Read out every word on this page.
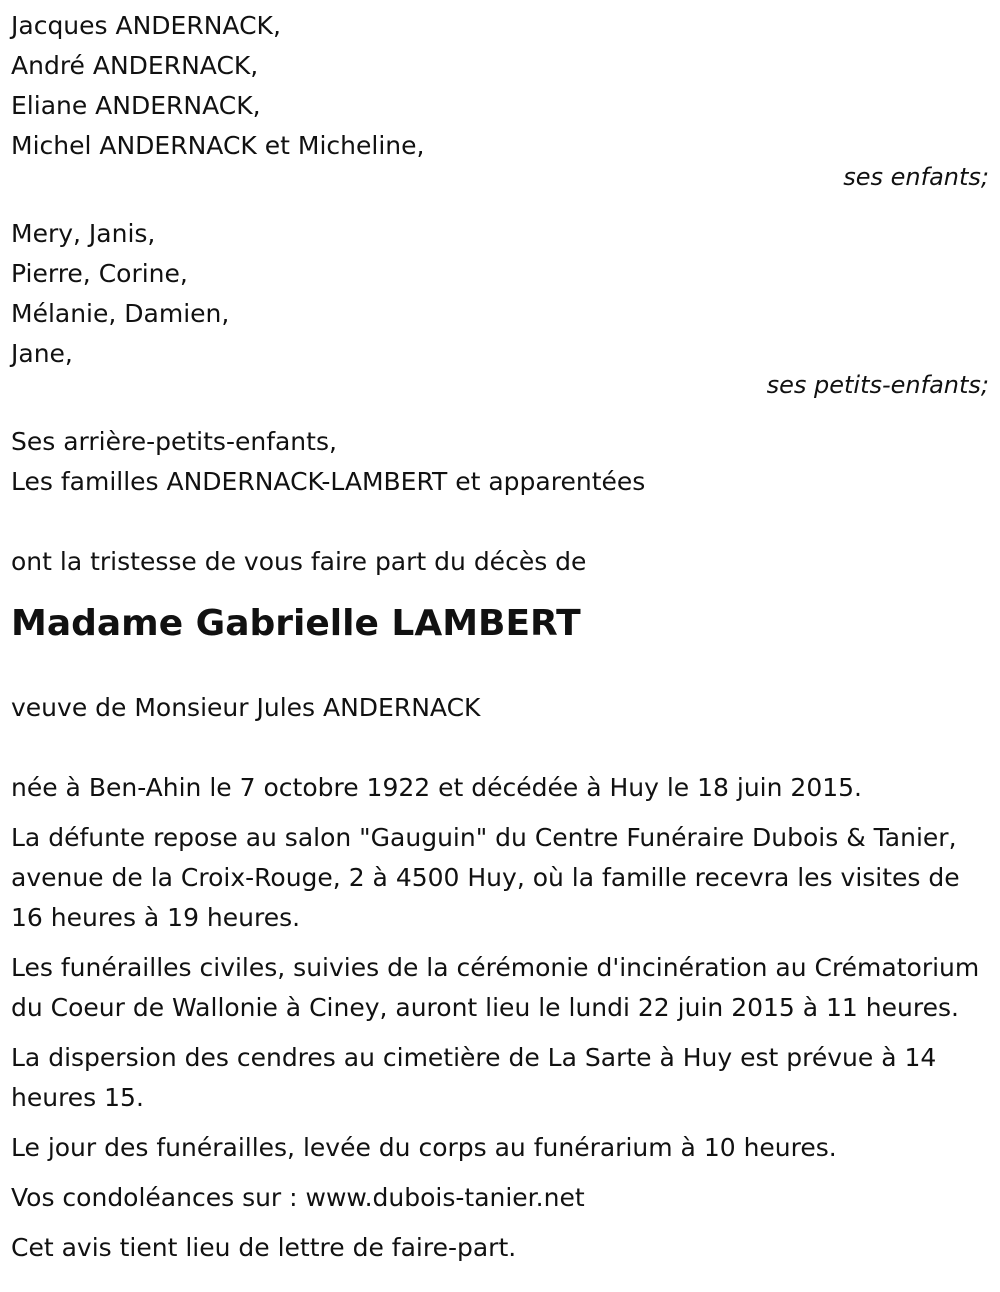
Jacques ANDERNACK,
André ANDERNACK,
Eliane ANDERNACK,
Michel ANDERNACK et Micheline,
ses enfants;
Mery, Janis,
Pierre, Corine,
Mélanie, Damien,
Jane,
ses petits-enfants;
Ses arrière-petits-enfants,
Les familles ANDERNACK-LAMBERT et apparentées
ont la tristesse de vous faire part du décès de
Madame Gabrielle LAMBERT
veuve de Monsieur Jules ANDERNACK

née à Ben-Ahin le 7 octobre 1922 et décédée à Huy le 18 juin 2015.

La défunte repose au salon "Gauguin" du Centre Funéraire Dubois & Tanier, avenue de la Croix-Rouge, 2 à 4500 Huy, où la famille recevra les visites de 16 heures à 19 heures.

Les funérailles civiles, suivies de la cérémonie d'incinération au Crématorium du Coeur de Wallonie à Ciney, auront lieu le lundi 22 juin 2015 à 11 heures.

La dispersion des cendres au cimetière de La Sarte à Huy est prévue à 14 heures 15.

Le jour des funérailles, levée du corps au funérarium à 10 heures.

Vos condoléances sur : www.dubois-tanier.net

Cet avis tient lieu de lettre de faire-part.
